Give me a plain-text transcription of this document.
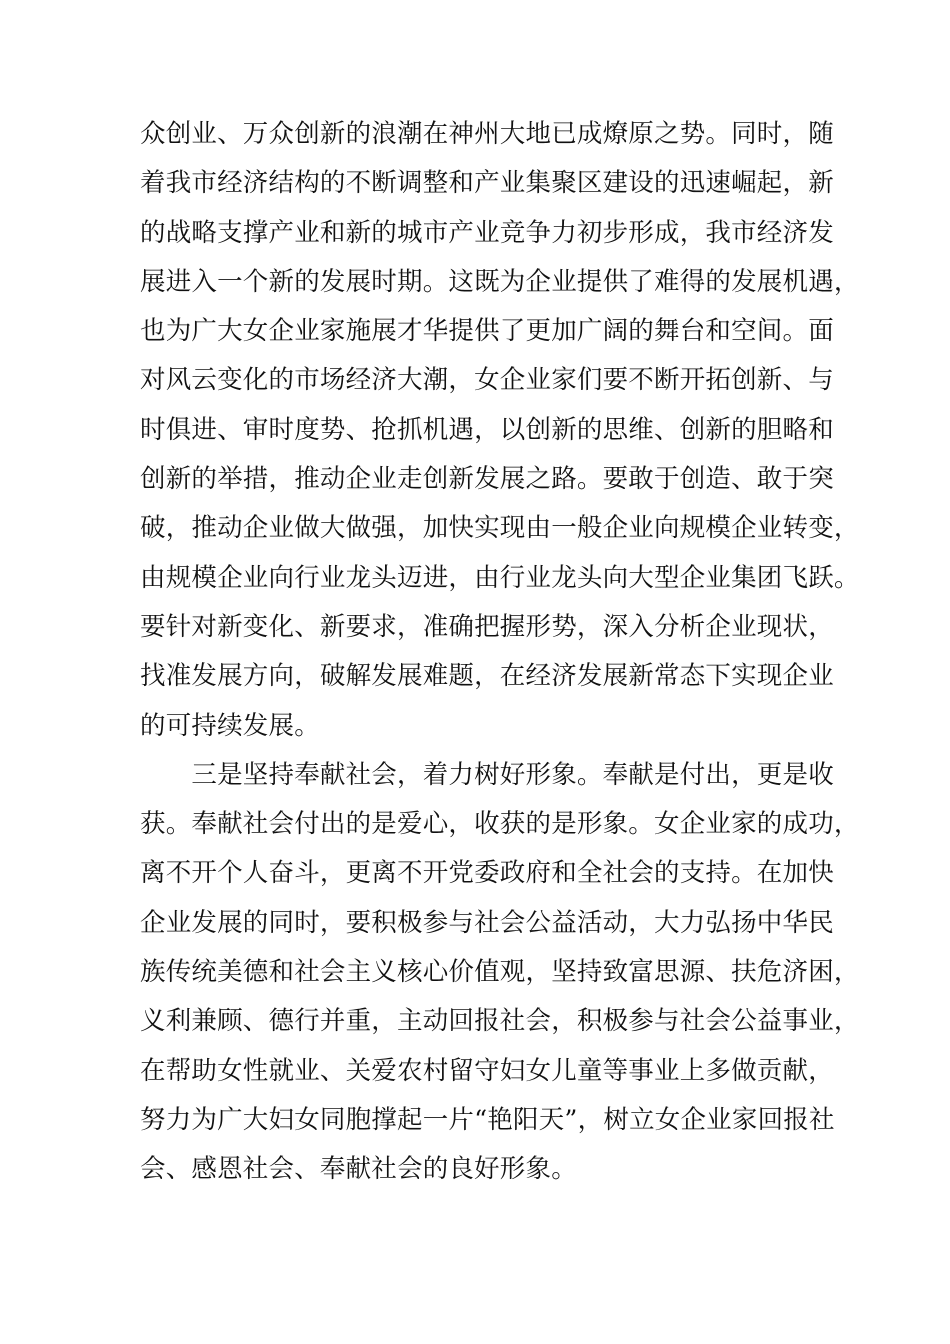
众创业、万众创新的浪潮在神州大地已成燎原之势。同时，随
着我市经济结构的不断调整和产业集聚区建设的迅速崛起，新
的战略支撑产业和新的城市产业竞争力初步形成，我市经济发
展进入一个新的发展时期。这既为企业提供了难得的发展机遇，
也为广大女企业家施展才华提供了更加广阔的舞台和空间。面
对风云变化的市场经济大潮，女企业家们要不断开拓创新、与
时俱进、审时度势、抢抓机遇，以创新的思维、创新的胆略和
创新的举措，推动企业走创新发展之路。要敢于创造、敢于突
破，推动企业做大做强，加快实现由一般企业向规模企业转变，
由规模企业向行业龙头迈进，由行业龙头向大型企业集团飞跃。
要针对新变化、新要求，准确把握形势，深入分析企业现状，
找准发展方向，破解发展难题，在经济发展新常态下实现企业
的可持续发展。
　　三是坚持奉献社会，着力树好形象。奉献是付出，更是收
获。奉献社会付出的是爱心，收获的是形象。女企业家的成功，
离不开个人奋斗，更离不开党委政府和全社会的支持。在加快
企业发展的同时，要积极参与社会公益活动，大力弘扬中华民
族传统美德和社会主义核心价值观，坚持致富思源、扶危济困，
义利兼顾、德行并重，主动回报社会，积极参与社会公益事业，
在帮助女性就业、关爱农村留守妇女儿童等事业上多做贡献，
努力为广大妇女同胞撑起一片“艳阳天”，树立女企业家回报社
会、感恩社会、奉献社会的良好形象。
